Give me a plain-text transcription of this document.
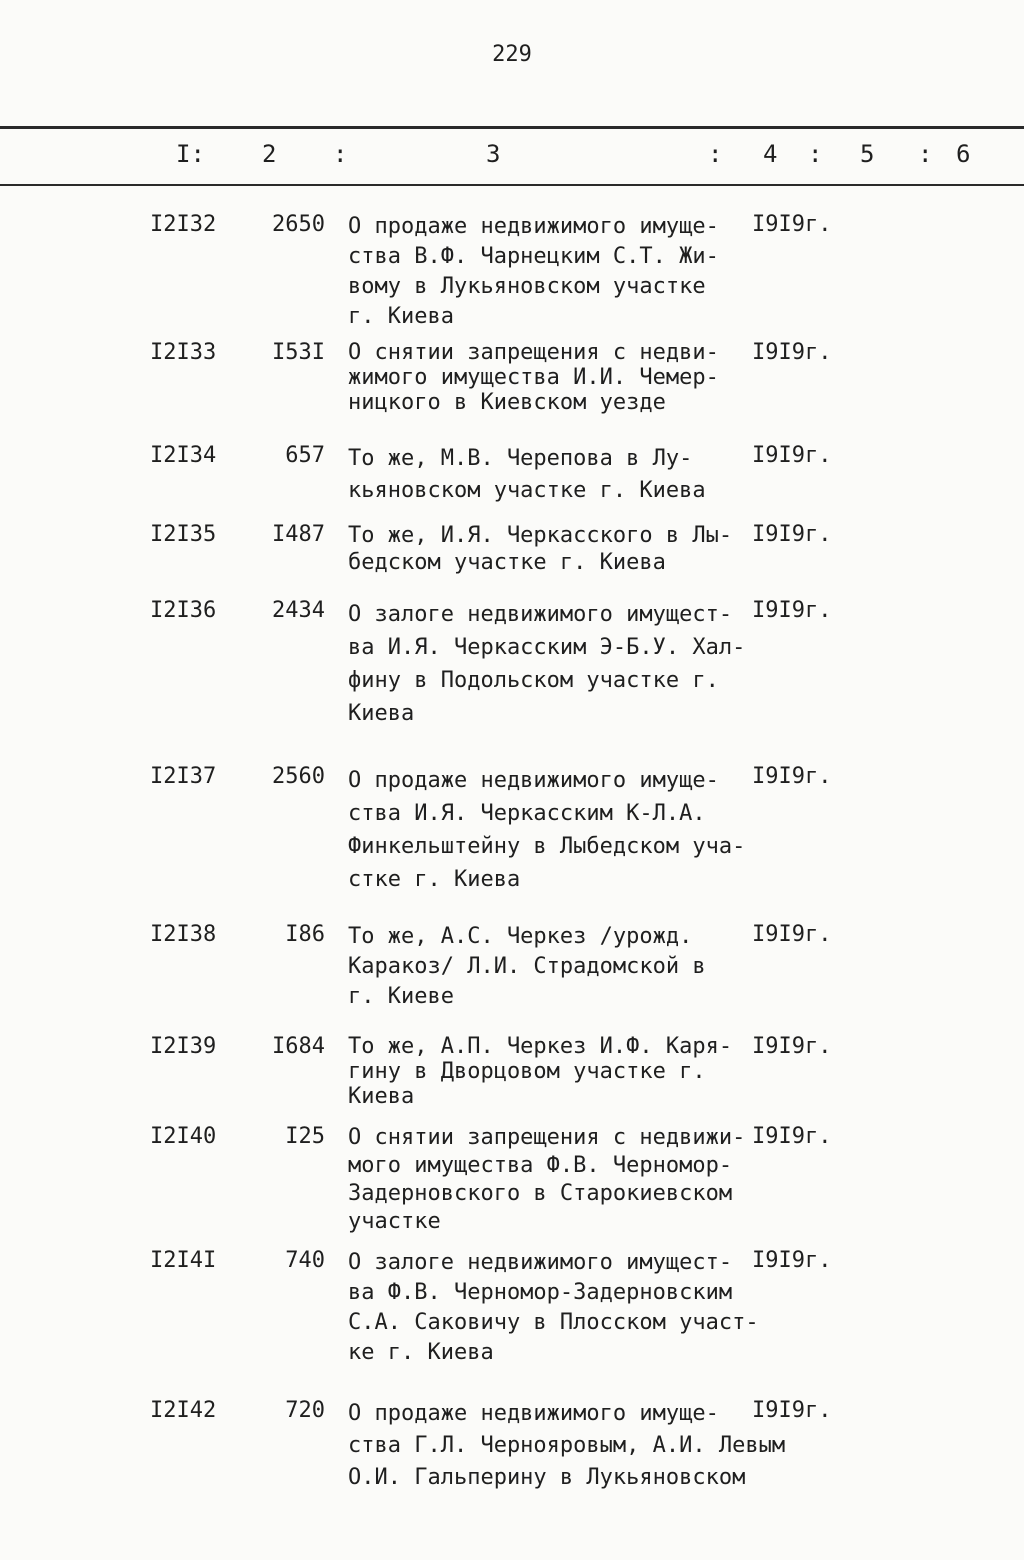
229
I: 2 :	3	: 4 : 5 : 6
I2I32	2650 О продаже недвижимого имуще-
ства В.Ф. Чарнецким С.Т. Жи-
вому в Лукьяновском участке
г. Киева
I9I9г.
I2I33	I53I О снятии запрещения с недви-
жимого имущества И.И. Чемер-
ницкого в Киевском уезде
I9I9г.
I2I34	657 То же, М.В. Черепова в Лу-
кьяновском участке г. Киева
I9I9г.
I2I35	I487 То же, И.Я. Черкасского в Лы-
бедском участке г. Киева
I9I9г.
I2I36	2434 О залоге недвижимого имущест-
ва И.Я. Черкасским Э-Б.У. Хал-
фину в Подольском участке г.
Киева
I9I9г.
I2I37	2560 О продаже недвижимого имуще-
ства И.Я. Черкасским К-Л.А.
Финкельштейну в Лыбедском уча-
стке г. Киева
I9I9г.
I2I38	I86 То же, А.С. Черкез /урожд.
Каракоз/ Л.И. Страдомской в
г. Киеве
I9I9г.
I2I39	I684 То же, А.П. Черкез И.Ф. Каря-
гину в Дворцовом участке г.
Киева
I9I9г.
I2I40	I25 О снятии запрещения с недвижи-
мого имущества Ф.В. Черномор-
Задерновского в Старокиевском
участке
I9I9г.
I2I4I	740 О залоге недвижимого имущест-
ва Ф.В. Черномор-Задерновским
С.А. Саковичу в Плосском участ-
ке г. Киева
I9I9г.
I2I42	720 О продаже недвижимого имуще-
ства Г.Л. Чернояровым, А.И. Левым
О.И. Гальперину в Лукьяновском
I9I9г.
